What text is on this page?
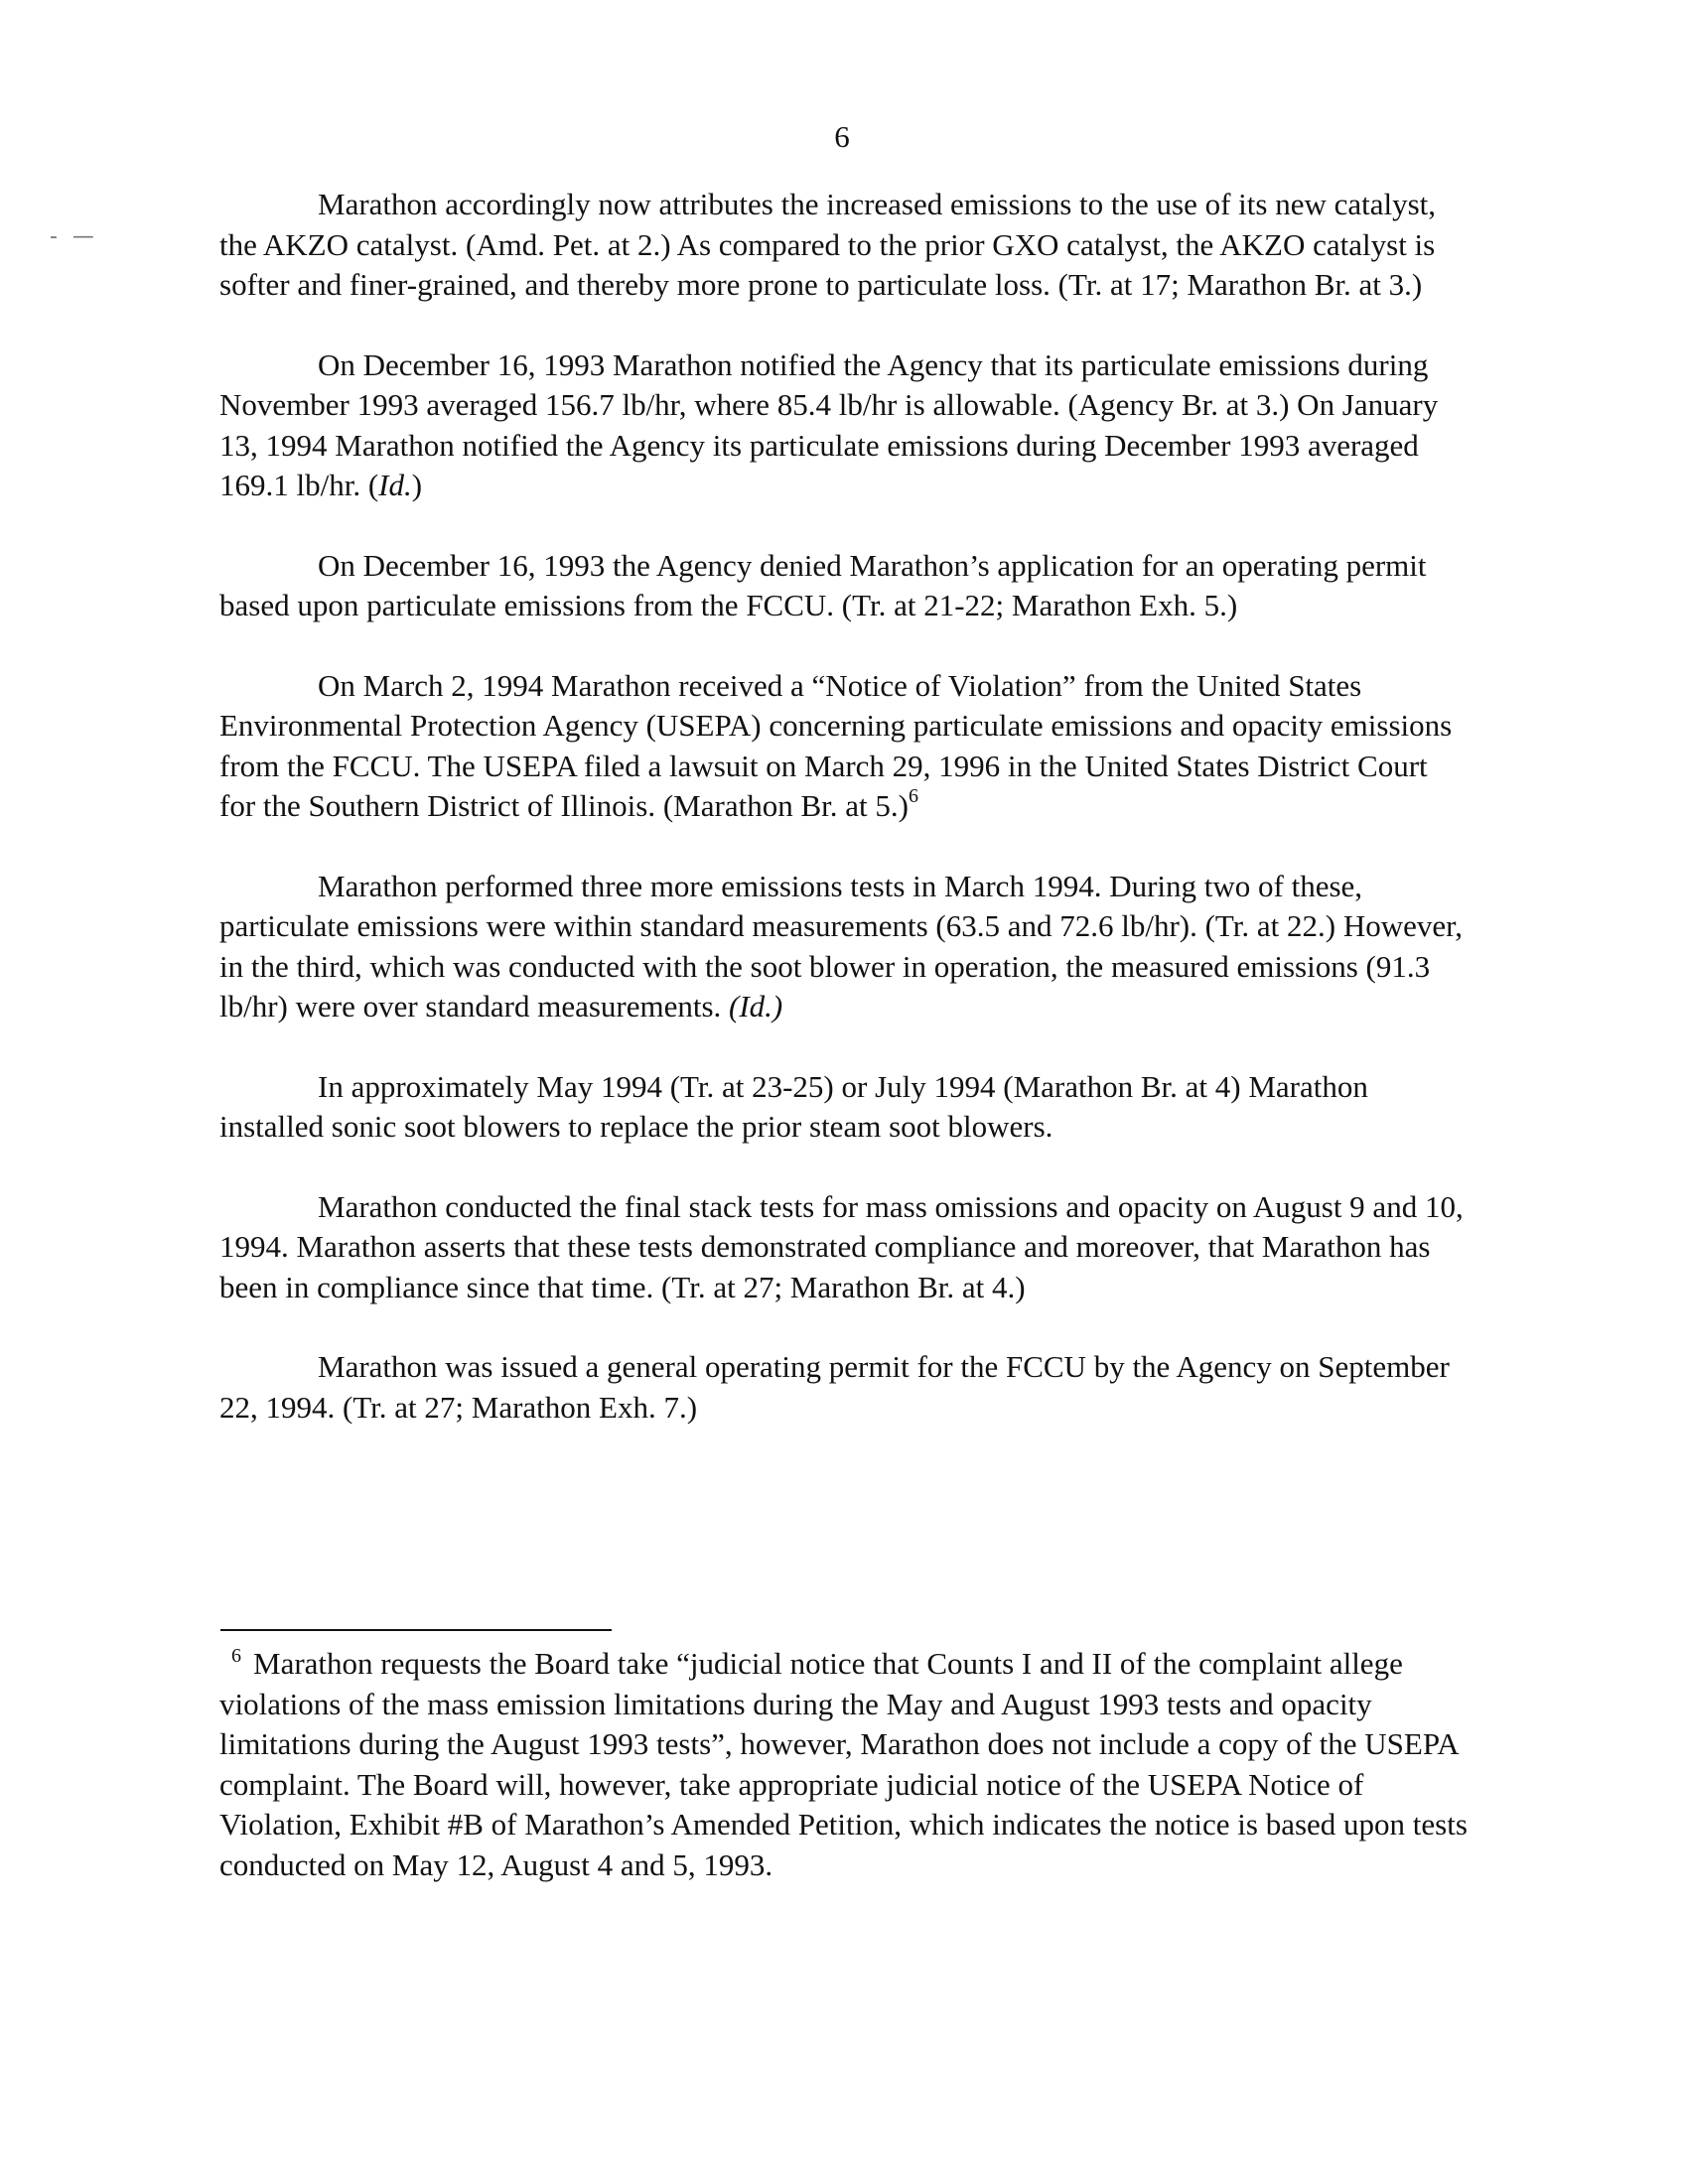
- —
6

Marathon accordingly now attributes the increased emissions to the use of its new catalyst, the AKZO catalyst. (Amd. Pet. at 2.) As compared to the prior GXO catalyst, the AKZO catalyst is softer and finer-grained, and thereby more prone to particulate loss. (Tr. at 17; Marathon Br. at 3.)

On December 16, 1993 Marathon notified the Agency that its particulate emissions during November 1993 averaged 156.7 lb/hr, where 85.4 lb/hr is allowable. (Agency Br. at 3.) On January 13, 1994 Marathon notified the Agency its particulate emissions during December 1993 averaged 169.1 lb/hr. (Id.)

On December 16, 1993 the Agency denied Marathon’s application for an operating permit based upon particulate emissions from the FCCU. (Tr. at 21-22; Marathon Exh. 5.)

On March 2, 1994 Marathon received a “Notice of Violation” from the United States Environmental Protection Agency (USEPA) concerning particulate emissions and opacity emissions from the FCCU. The USEPA filed a lawsuit on March 29, 1996 in the United States District Court for the Southern District of Illinois. (Marathon Br. at 5.)$^6$

Marathon performed three more emissions tests in March 1994. During two of these, particulate emissions were within standard measurements (63.5 and 72.6 lb/hr). (Tr. at 22.) However, in the third, which was conducted with the soot blower in operation, the measured emissions (91.3 lb/hr) were over standard measurements. (Id.)

In approximately May 1994 (Tr. at 23-25) or July 1994 (Marathon Br. at 4) Marathon installed sonic soot blowers to replace the prior steam soot blowers.

Marathon conducted the final stack tests for mass omissions and opacity on August 9 and 10, 1994. Marathon asserts that these tests demonstrated compliance and moreover, that Marathon has been in compliance since that time. (Tr. at 27; Marathon Br. at 4.)

Marathon was issued a general operating permit for the FCCU by the Agency on September 22, 1994. (Tr. at 27; Marathon Exh. 7.)

$^6$ Marathon requests the Board take “judicial notice that Counts I and II of the complaint allege violations of the mass emission limitations during the May and August 1993 tests and opacity limitations during the August 1993 tests”, however, Marathon does not include a copy of the USEPA complaint. The Board will, however, take appropriate judicial notice of the USEPA Notice of Violation, Exhibit #B of Marathon’s Amended Petition, which indicates the notice is based upon tests conducted on May 12, August 4 and 5, 1993.
